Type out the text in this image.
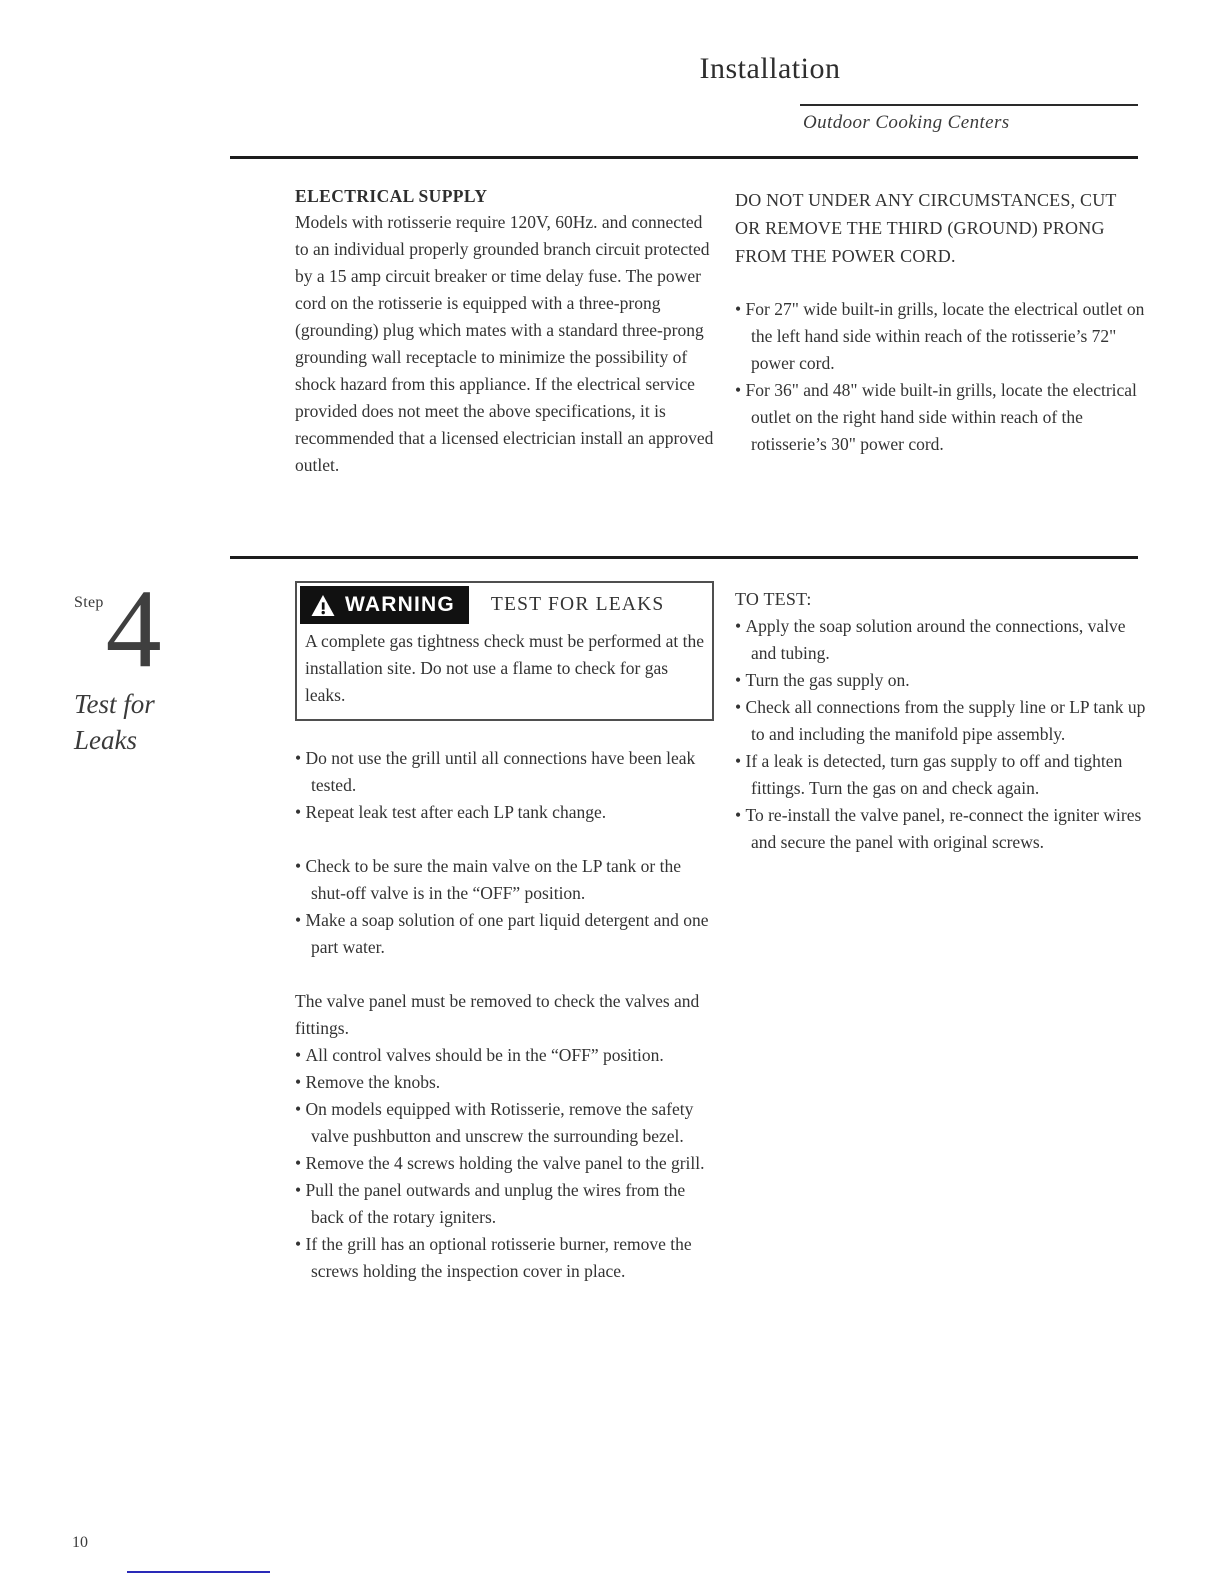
Installation
Outdoor Cooking Centers
ELECTRICAL SUPPLY

Models with rotisserie require 120V, 60Hz. and connected to an individual properly grounded branch circuit protected by a 15 amp circuit breaker or time delay fuse. The power cord on the rotisserie is equipped with a three-prong (grounding) plug which mates with a standard three-prong grounding wall receptacle to minimize the possibility of shock hazard from this appliance. If the electrical service provided does not meet the above specifications, it is recommended that a licensed electrician install an approved outlet.

DO NOT UNDER ANY CIRCUMSTANCES, CUT OR REMOVE THE THIRD (GROUND) PRONG FROM THE POWER CORD.

• For 27" wide built-in grills, locate the electrical outlet on the left hand side within reach of the rotisserie’s 72" power cord.
• For 36" and 48" wide built-in grills, locate the electrical outlet on the right hand side within reach of the rotisserie’s 30" power cord.
Step 4
Test for
Leaks
WARNING TEST FOR LEAKS

A complete gas tightness check must be performed at the installation site. Do not use a flame to check for gas leaks.

• Do not use the grill until all connections have been leak tested.
• Repeat leak test after each LP tank change.
• Check to be sure the main valve on the LP tank or the shut-off valve is in the “OFF” position.
• Make a soap solution of one part liquid detergent and one part water.

The valve panel must be removed to check the valves and fittings.

• All control valves should be in the “OFF” position.
• Remove the knobs.
• On models equipped with Rotisserie, remove the safety valve pushbutton and unscrew the surrounding bezel.
• Remove the 4 screws holding the valve panel to the grill.
• Pull the panel outwards and unplug the wires from the back of the rotary igniters.
• If the grill has an optional rotisserie burner, remove the screws holding the inspection cover in place.

TO TEST:

• Apply the soap solution around the connections, valve and tubing.
• Turn the gas supply on.
• Check all connections from the supply line or LP tank up to and including the manifold pipe assembly.
• If a leak is detected, turn gas supply to off and tighten fittings. Turn the gas on and check again.
• To re-install the valve panel, re-connect the igniter wires and secure the panel with original screws.
10
